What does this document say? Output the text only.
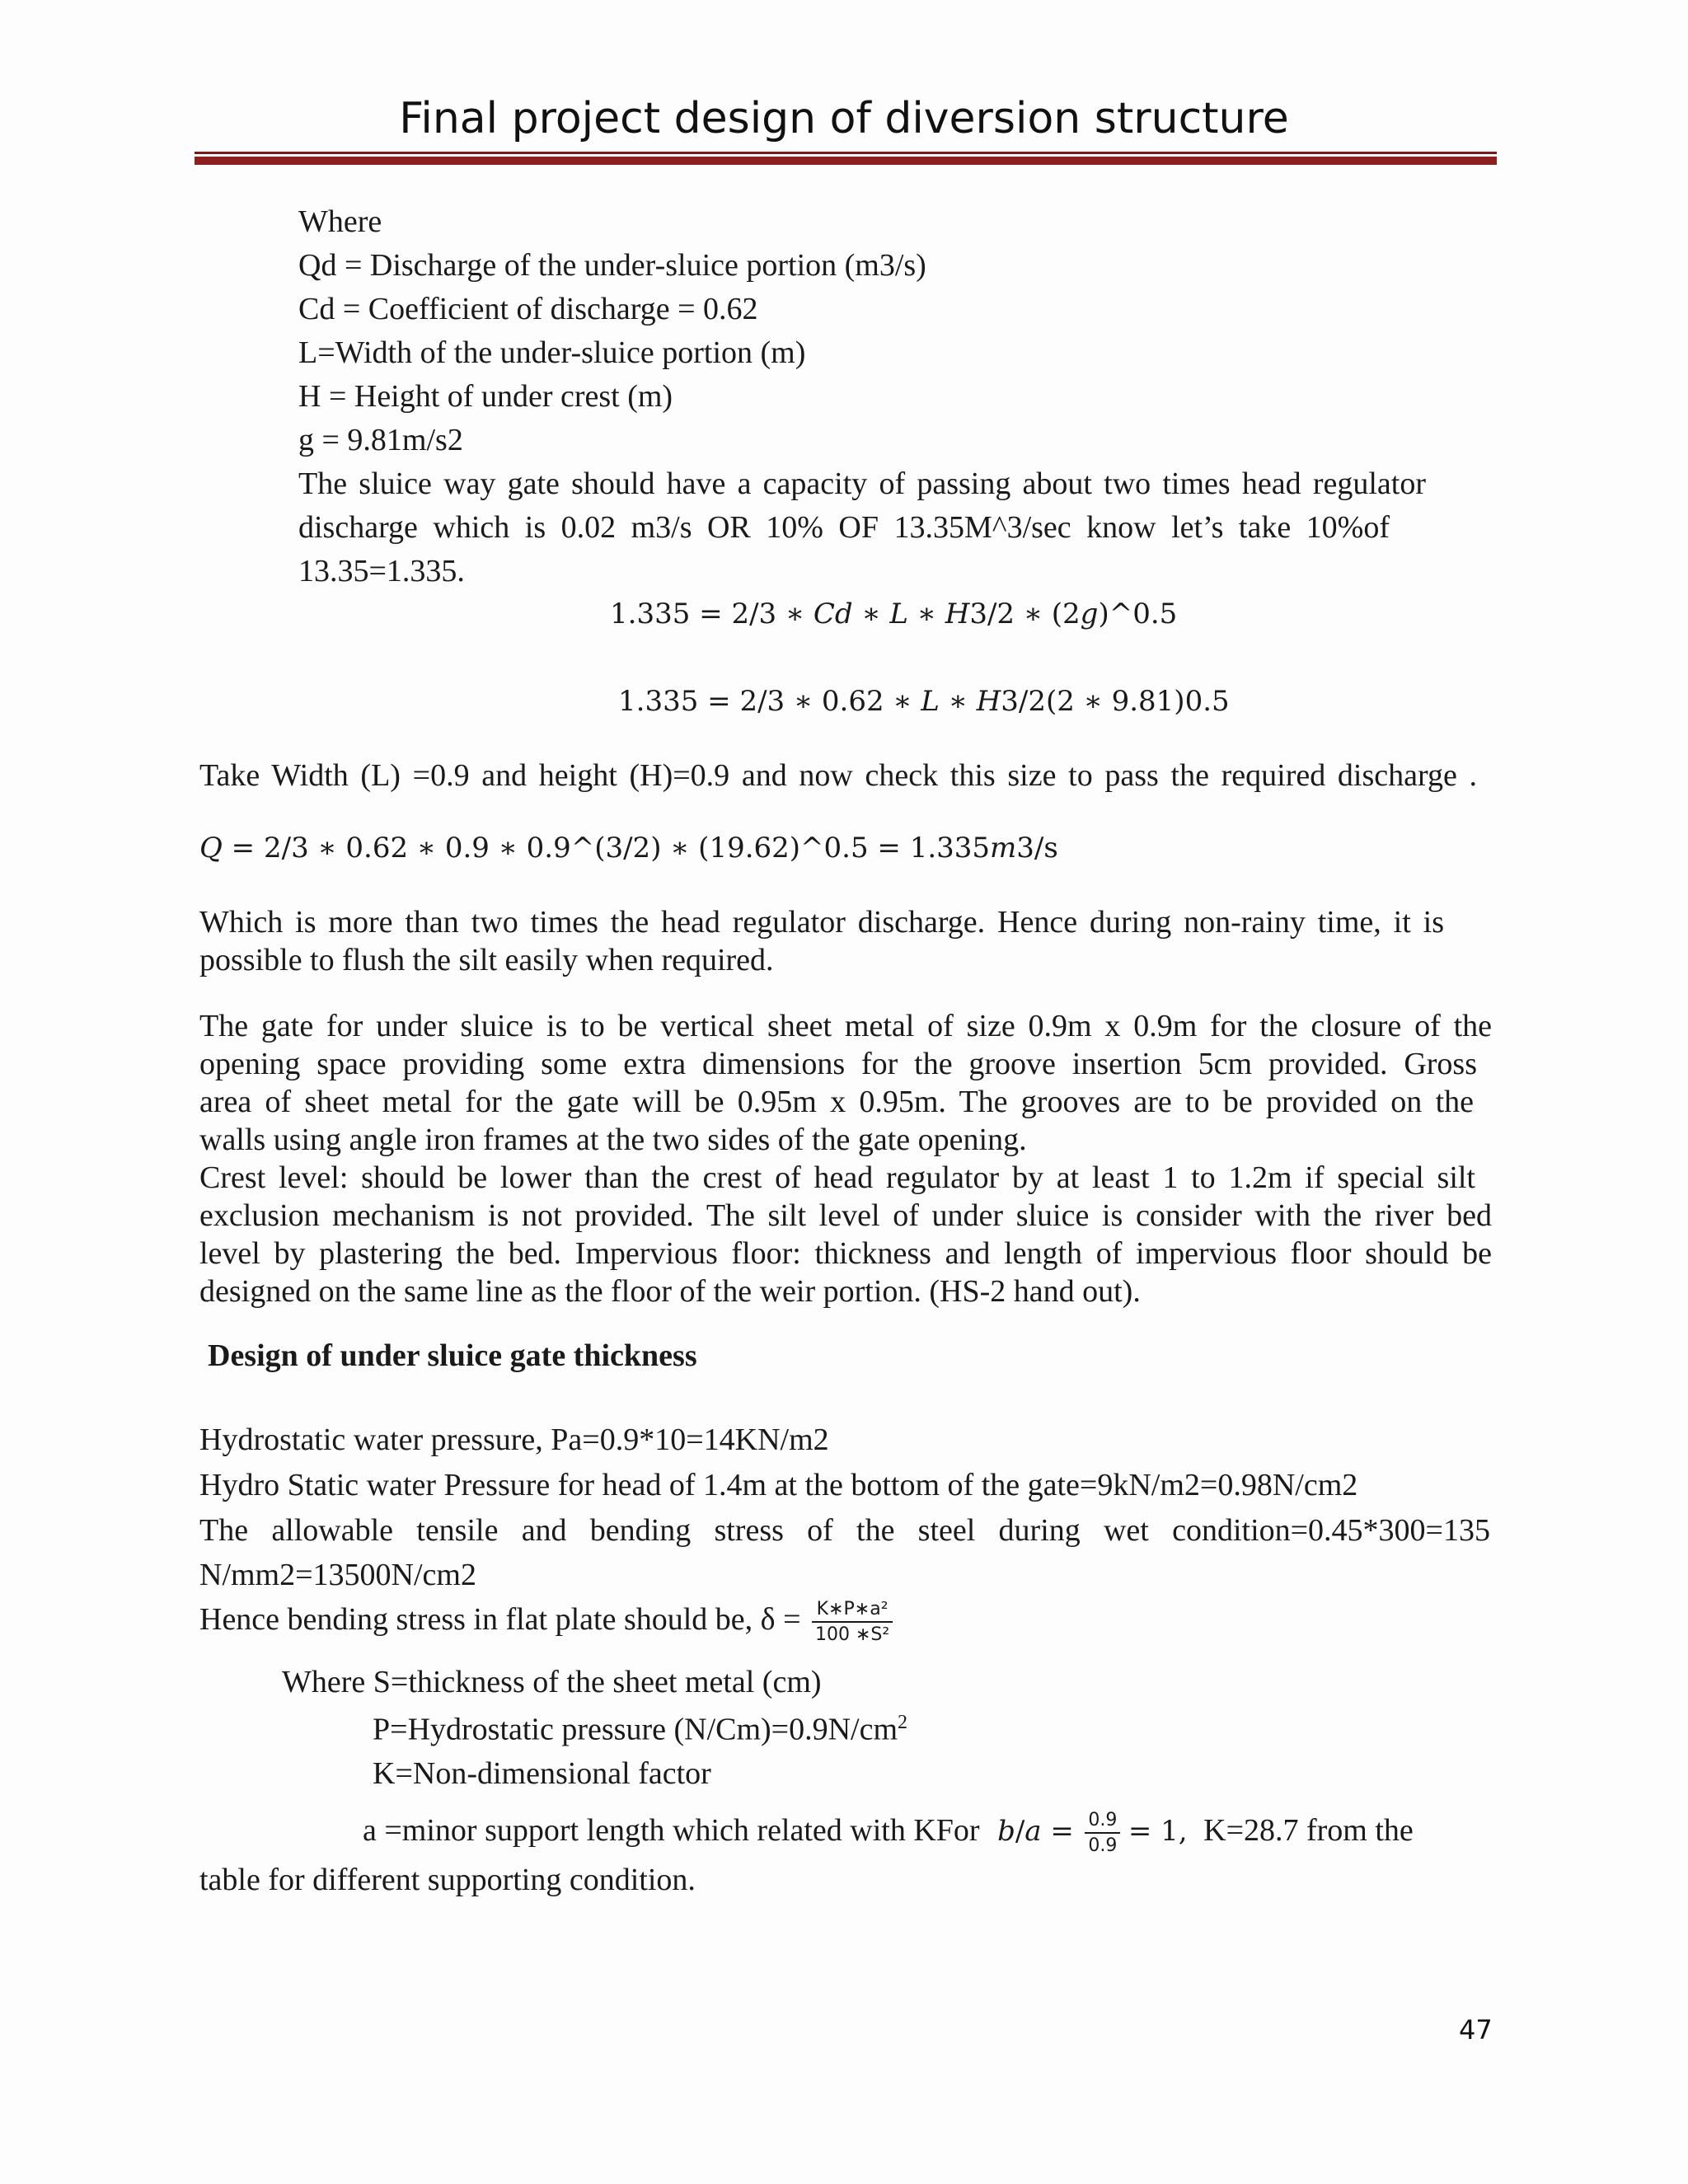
Final project design of diversion structure
Where
Qd = Discharge of the under-sluice portion (m3/s)
Cd = Coefficient of discharge = 0.62
L=Width of the under-sluice portion (m)
H = Height of under crest (m)
g = 9.81m/s2
The sluice way gate should have a capacity of passing about two times head regulator
discharge which is 0.02 m3/s OR 10% OF 13.35M^3/sec know let’s take 10%of
13.35=1.335.
1.335 = 2/3 ∗ 𝐶𝑑 ∗ 𝐿 ∗ 𝐻3/2 ∗ (2𝑔)^0.5
1.335 = 2/3 ∗ 0.62 ∗ 𝐿 ∗ 𝐻3/2(2 ∗ 9.81)0.5
Take Width (L) =0.9 and height (H)=0.9 and now check this size to pass the required discharge .
𝑄 = 2/3 ∗ 0.62 ∗ 0.9 ∗ 0.9^(3/2) ∗ (19.62)^0.5 = 1.335𝑚3/s
Which is more than two times the head regulator discharge. Hence during non-rainy time, it is
possible to flush the silt easily when required.
The gate for under sluice is to be vertical sheet metal of size 0.9m x 0.9m for the closure of the
opening space providing some extra dimensions for the groove insertion 5cm provided. Gross
area of sheet metal for the gate will be 0.95m x 0.95m. The grooves are to be provided on the
walls using angle iron frames at the two sides of the gate opening.
Crest level: should be lower than the crest of head regulator by at least 1 to 1.2m if special silt
exclusion mechanism is not provided. The silt level of under sluice is consider with the river bed
level by plastering the bed. Impervious floor: thickness and length of impervious floor should be
designed on the same line as the floor of the weir portion. (HS-2 hand out).
Design of under sluice gate thickness
Hydrostatic water pressure, Pa=0.9*10=14KN/m2
Hydro Static water Pressure for head of 1.4m at the bottom of the gate=9kN/m2=0.98N/cm2
The allowable tensile and bending stress of the steel during wet condition=0.45*300=135
N/mm2=13500N/cm2
Hence bending stress in flat plate should be, $\delta = \frac{\text{K∗P∗a²}}{\text{100 ∗S²}}$
Where S=thickness of the sheet metal (cm)
P=Hydrostatic pressure $(N/Cm)=0.9N/cm^2$
K=Non-dimensional factor
a =minor support length which related with KFor 𝑏/𝑎 = $\frac{0.9}{0.9} = 1$, K=28.7 from the
table for different supporting condition.
47
